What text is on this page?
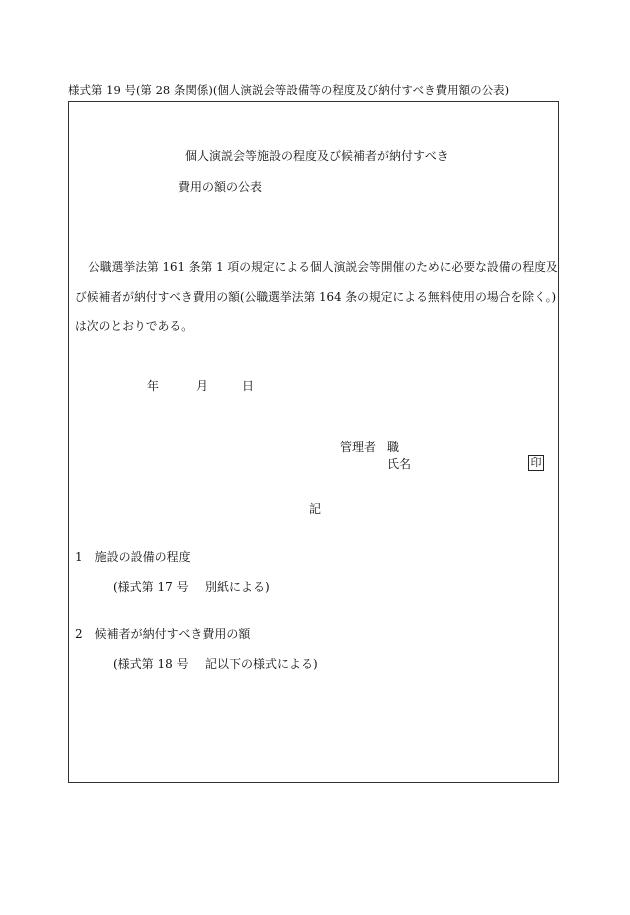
様式第 19 号(第 28 条関係)(個人演説会等設備等の程度及び納付すべき費用額の公表)
個人演説会等施設の程度及び候補者が納付すべき
費用の額の公表
公職選挙法第 161 条第 1 項の規定による個人演説会等開催のために必要な設備の程度及
び候補者が納付すべき費用の額(公職選挙法第 164 条の規定による無料使用の場合を除く。)
は次のとおりである。
年	月	日
管理者 職
氏名	印
記
1　施設の設備の程度
(様式第 17 号 別紙による)
2　候補者が納付すべき費用の額
(様式第 18 号 記以下の様式による)
